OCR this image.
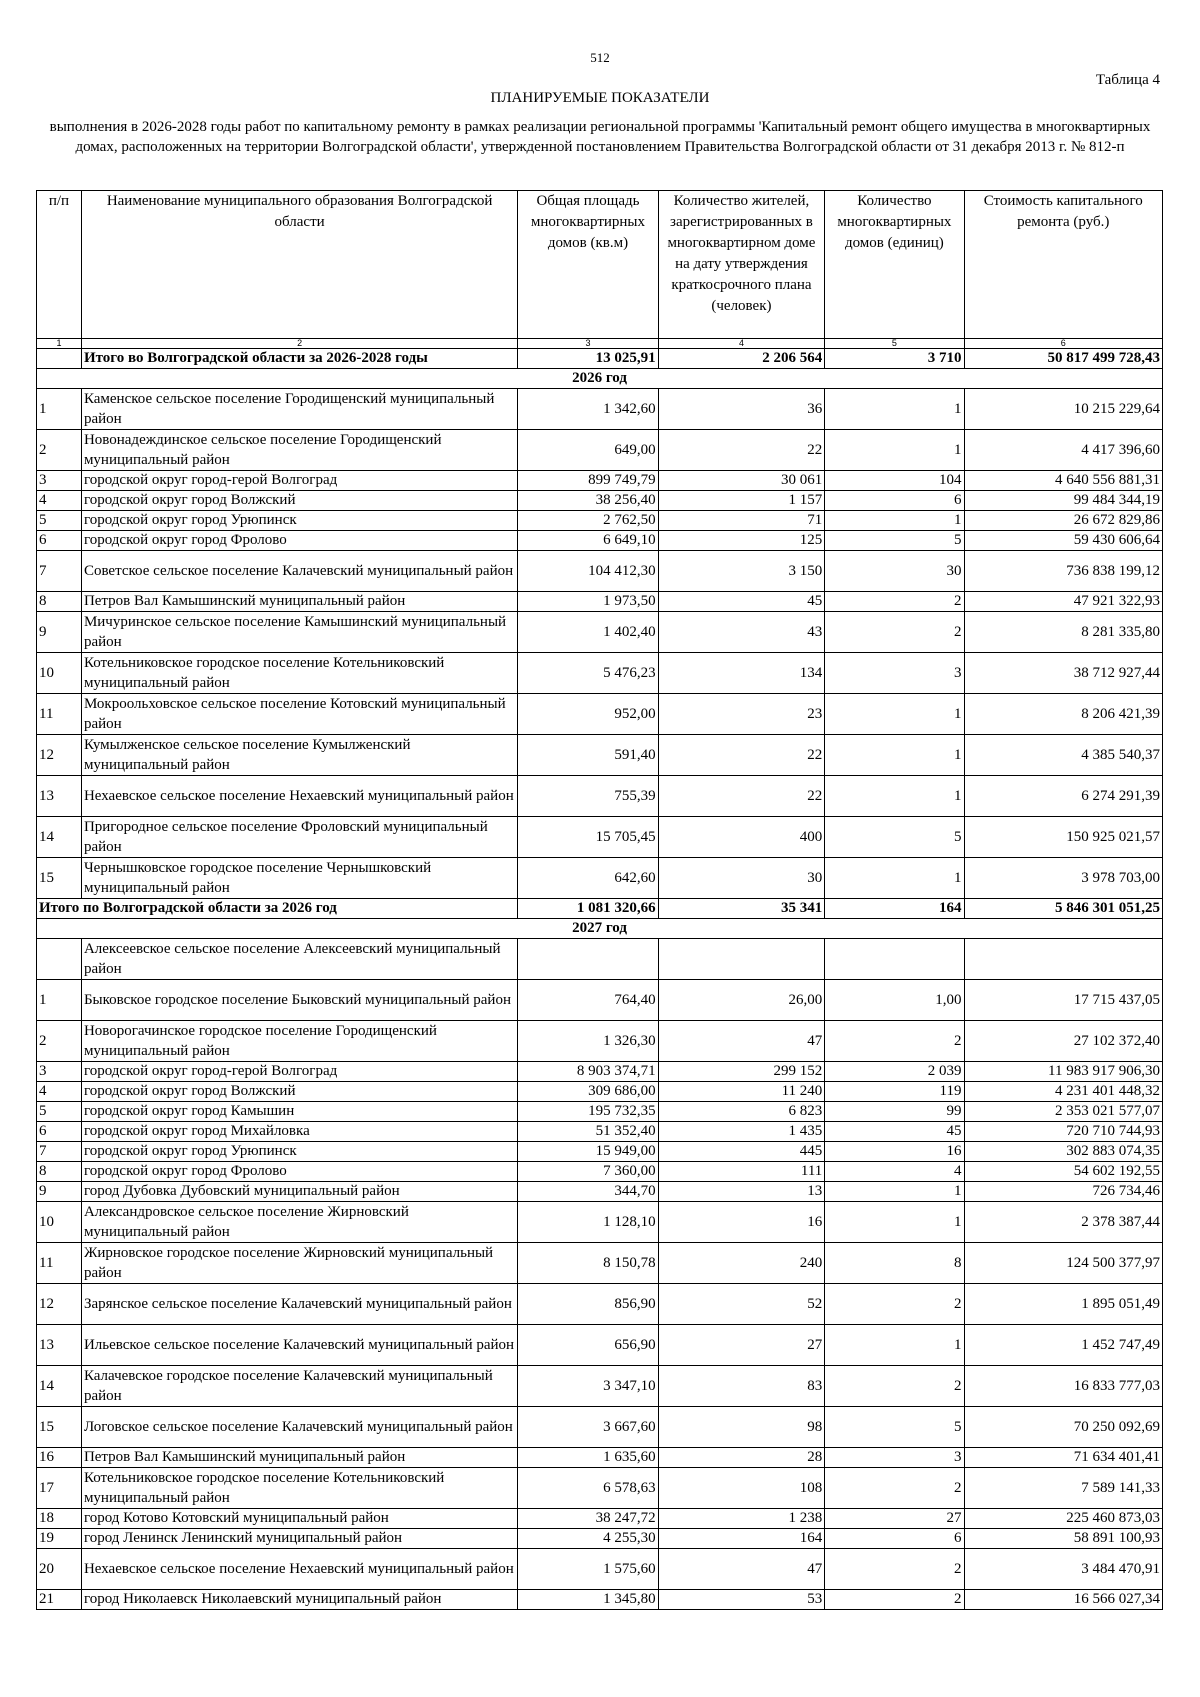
512
Таблица 4
ПЛАНИРУЕМЫЕ ПОКАЗАТЕЛИ
выполнения в 2026-2028 годы работ по капитальному ремонту в рамках реализации региональной программы 'Капитальный ремонт общего имущества в многоквартирных домах, расположенных на территории Волгоградской области', утвержденной постановлением Правительства Волгоградской области от 31 декабря 2013 г. № 812-п
п/п	Наименование муниципального образования Волгоградской области	Общая площадь многоквартирных домов (кв.м)	Количество жителей, зарегистрированных в многоквартирном доме на дату утверждения краткосрочного плана (человек)	Количество многоквартирных домов (единиц)	Стоимость капитального ремонта (руб.)
1	2	3	4	5	6
	Итого во Волгоградской области за 2026-2028 годы	13 025,91	2 206 564	3 710	50 817 499 728,43
2026 год					
1	Каменское сельское поселение Городищенский муниципальный район	1 342,60	36	1	10 215 229,64
2	Новонадеждинское сельское поселение Городищенский муниципальный район	649,00	22	1	4 417 396,60
3	городской округ город-герой Волгоград	899 749,79	30 061	104	4 640 556 881,31
4	городской округ город Волжский	38 256,40	1 157	6	99 484 344,19
5	городской округ город Урюпинск	2 762,50	71	1	26 672 829,86
6	городской округ город Фролово	6 649,10	125	5	59 430 606,64
7	Советское сельское поселение Калачевский муниципальный район	104 412,30	3 150	30	736 838 199,12
8	Петров Вал Камышинский муниципальный район	1 973,50	45	2	47 921 322,93
9	Мичуринское сельское поселение Камышинский муниципальный район	1 402,40	43	2	8 281 335,80
10	Котельниковское городское поселение Котельниковский муниципальный район	5 476,23	134	3	38 712 927,44
11	Мокроольховское сельское поселение Котовский муниципальный район	952,00	23	1	8 206 421,39
12	Кумылженское сельское поселение Кумылженский муниципальный район	591,40	22	1	4 385 540,37
13	Нехаевское сельское поселение Нехаевский муниципальный район	755,39	22	1	6 274 291,39
14	Пригородное сельское поселение Фроловский муниципальный район	15 705,45	400	5	150 925 021,57
15	Чернышковское городское поселение Чернышковский муниципальный район	642,60	30	1	3 978 703,00
Итого по Волгоградской области за 2026 год		1 081 320,66	35 341	164	5 846 301 051,25
2027 год					
	Алексеевское сельское поселение Алексеевский муниципальный район				
1	Быковское городское поселение Быковский муниципальный район	764,40	26,00	1,00	17 715 437,05
2	Новорогачинское городское поселение Городищенский муниципальный район	1 326,30	47	2	27 102 372,40
3	городской округ город-герой Волгоград	8 903 374,71	299 152	2 039	11 983 917 906,30
4	городской округ город Волжский	309 686,00	11 240	119	4 231 401 448,32
5	городской округ город Камышин	195 732,35	6 823	99	2 353 021 577,07
6	городской округ город Михайловка	51 352,40	1 435	45	720 710 744,93
7	городской округ город Урюпинск	15 949,00	445	16	302 883 074,35
8	городской округ город Фролово	7 360,00	111	4	54 602 192,55
9	город Дубовка Дубовский муниципальный район	344,70	13	1	726 734,46
10	Александровское сельское поселение Жирновский муниципальный район	1 128,10	16	1	2 378 387,44
11	Жирновское городское поселение Жирновский муниципальный район	8 150,78	240	8	124 500 377,97
12	Зарянское сельское поселение Калачевский муниципальный район	856,90	52	2	1 895 051,49
13	Ильевское сельское поселение Калачевский муниципальный район	656,90	27	1	1 452 747,49
14	Калачевское городское поселение Калачевский муниципальный район	3 347,10	83	2	16 833 777,03
15	Логовское сельское поселение Калачевский муниципальный район	3 667,60	98	5	70 250 092,69
16	Петров Вал Камышинский муниципальный район	1 635,60	28	3	71 634 401,41
17	Котельниковское городское поселение Котельниковский муниципальный район	6 578,63	108	2	7 589 141,33
18	город Котово Котовский муниципальный район	38 247,72	1 238	27	225 460 873,03
19	город Ленинск Ленинский муниципальный район	4 255,30	164	6	58 891 100,93
20	Нехаевское сельское поселение Нехаевский муниципальный район	1 575,60	47	2	3 484 470,91
21	город Николаевск Николаевский муниципальный район	1 345,80	53	2	16 566 027,34
